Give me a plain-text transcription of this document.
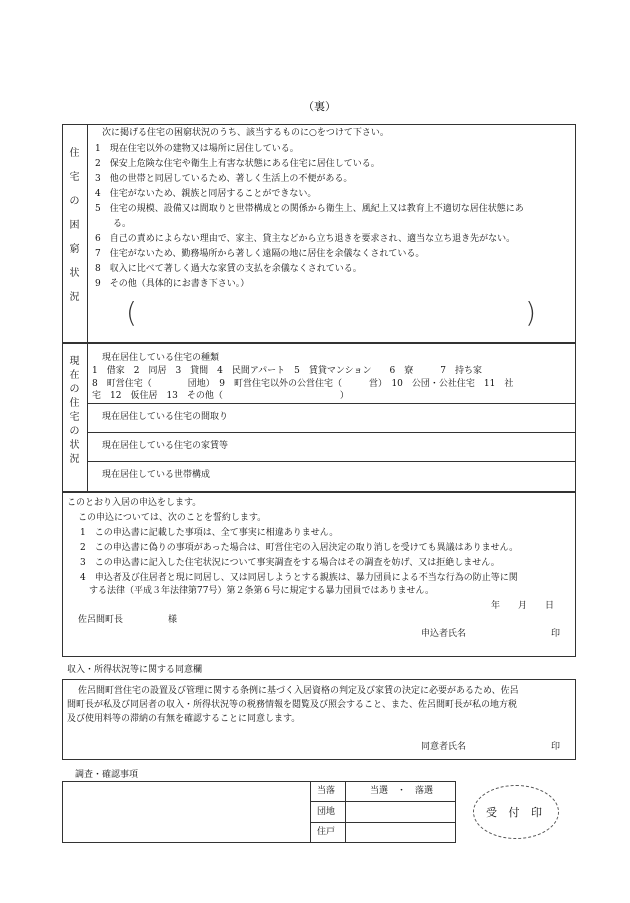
（裏）
住
宅
の
困
窮
状
況
次に掲げる住宅の困窮状況のうち、該当するものに○をつけて下さい。
1　現在住宅以外の建物又は場所に居住している。
2　保安上危険な住宅や衛生上有害な状態にある住宅に居住している。
3　他の世帯と同居しているため、著しく生活上の不便がある。
4　住宅がないため、親族と同居することができない。
5　住宅の規模、設備又は間取りと世帯構成との関係から衛生上、風紀上又は教育上不適切な居住状態にあ
　　る。
6　自己の責めによらない理由で、家主、貸主などから立ち退きを要求され、適当な立ち退き先がない。
7　住宅がないため、勤務場所から著しく遠隔の地に居住を余儀なくされている。
8　収入に比べて著しく過大な家賃の支払を余儀なくされている。
9　その他（具体的にお書き下さい。）
(	)
現
在
の
住
宅
の
状
況
現在居住している住宅の種類
1　借家　2　同居　3　貸間　4　民間アパート　5　賃貸マンション　　6　寮　　　7　持ち家
8　町営住宅（　　　　団地）　9　町営住宅以外の公営住宅（　　　営）　10　公団・公社住宅　11　社
宅　12　仮住居　13　その他（　　　　　　　　　　　　　）
現在居住している住宅の間取り
現在居住している住宅の家賃等
現在居住している世帯構成
このとおり入居の申込をします。
この申込については、次のことを誓約します。
1　この申込書に記載した事項は、全て事実に相違ありません。
2　この申込書に偽りの事項があった場合は、町営住宅の入居決定の取り消しを受けても異議はありません。
3　この申込書に記入した住宅状況について事実調査をする場合はその調査を妨げ、又は拒絶しません。
4　申込者及び住居者と現に同居し、又は同居しようとする親族は、暴力団員による不当な行為の防止等に関
　する法律（平成３年法律第77号）第２条第６号に規定する暴力団員ではありません。
年　　月　　日
佐呂間町長　　　　　様
申込者氏名	印
収入・所得状況等に関する同意欄
佐呂間町営住宅の設置及び管理に関する条例に基づく入居資格の判定及び家賃の決定に必要があるため、佐呂
間町長が私及び同居者の収入・所得状況等の税務情報を閲覧及び照会すること、また、佐呂間町長が私の地方税
及び使用料等の滞納の有無を確認することに同意します。
同意者氏名	印
調査・確認事項
当落	当選　・　落選
団地
住戸
受 付 印
